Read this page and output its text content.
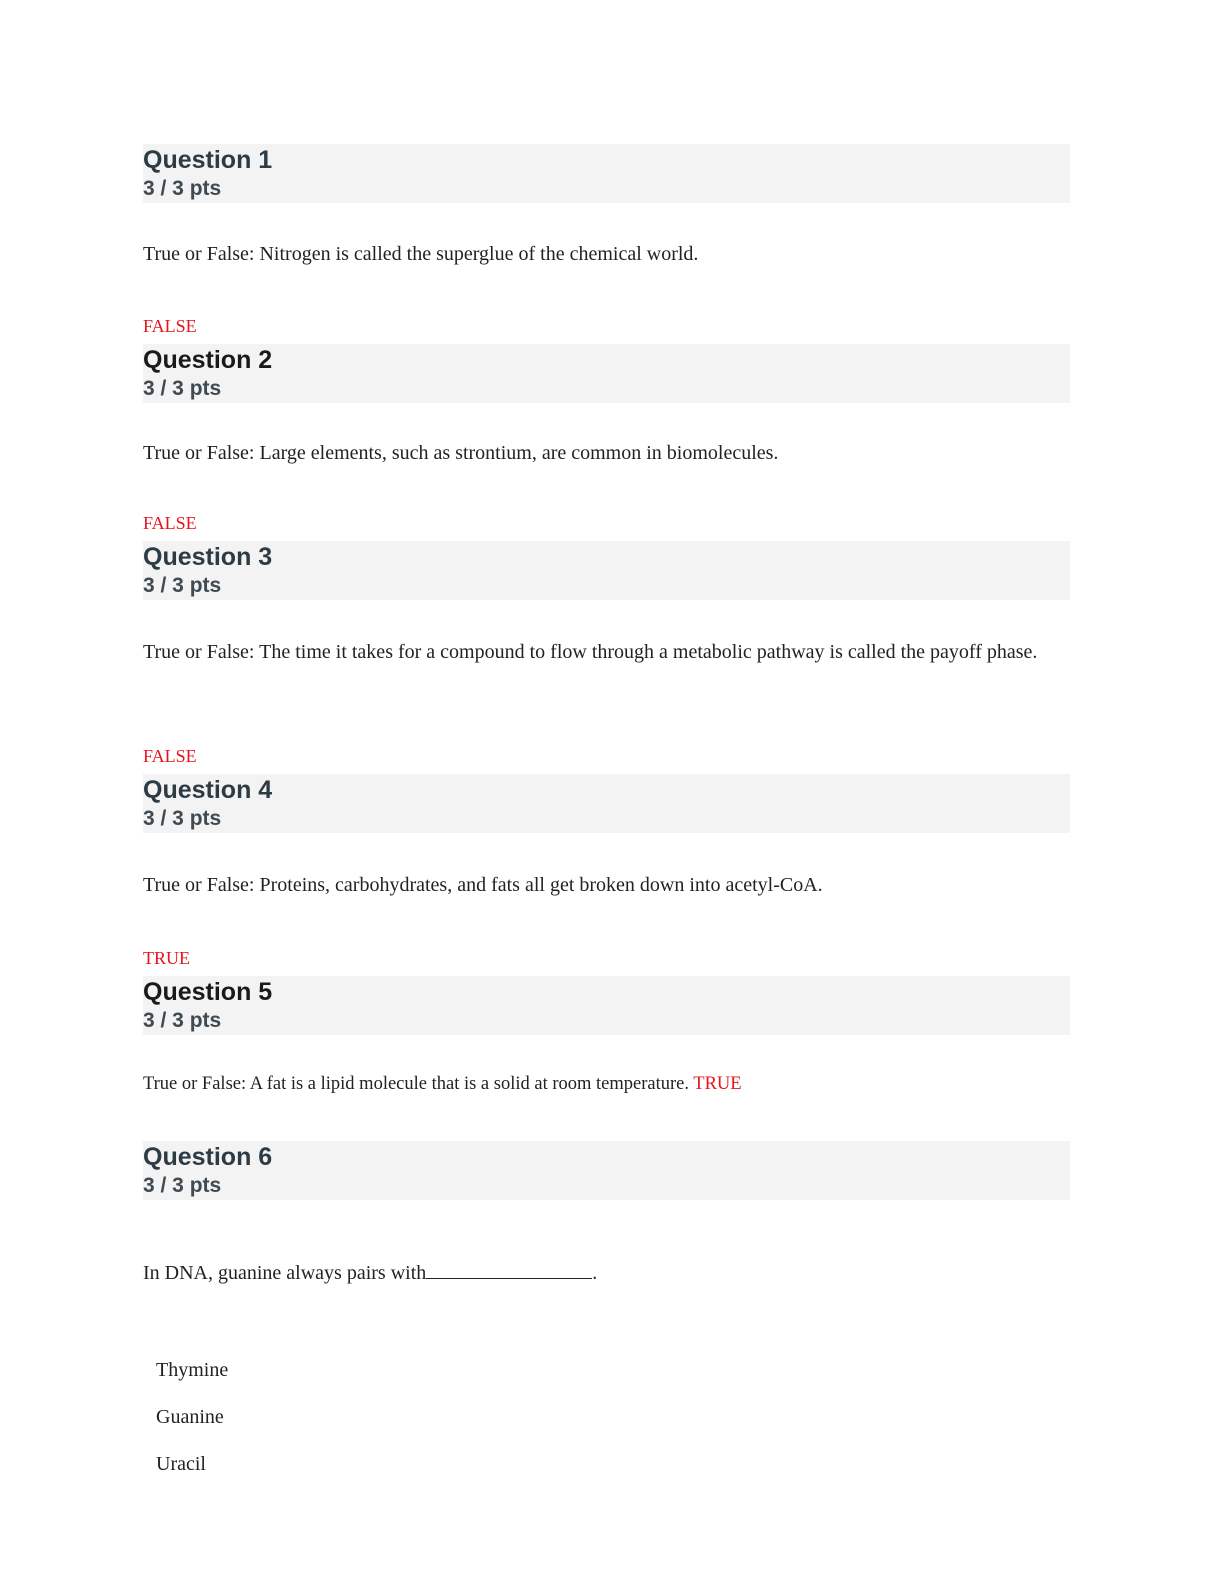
Question 1
3 / 3 pts
True or False: Nitrogen is called the superglue of the chemical world.
FALSE
Question 2
3 / 3 pts
True or False: Large elements, such as strontium, are common in biomolecules.
FALSE
Question 3
3 / 3 pts
True or False: The time it takes for a compound to flow through a metabolic pathway is called the payoff phase.
FALSE
Question 4
3 / 3 pts
True or False: Proteins, carbohydrates, and fats all get broken down into acetyl-CoA.
TRUE
Question 5
3 / 3 pts
True or False: A fat is a lipid molecule that is a solid at room temperature. TRUE
Question 6
3 / 3 pts
In DNA, guanine always pairs with	.
Thymine
Guanine
Uracil
